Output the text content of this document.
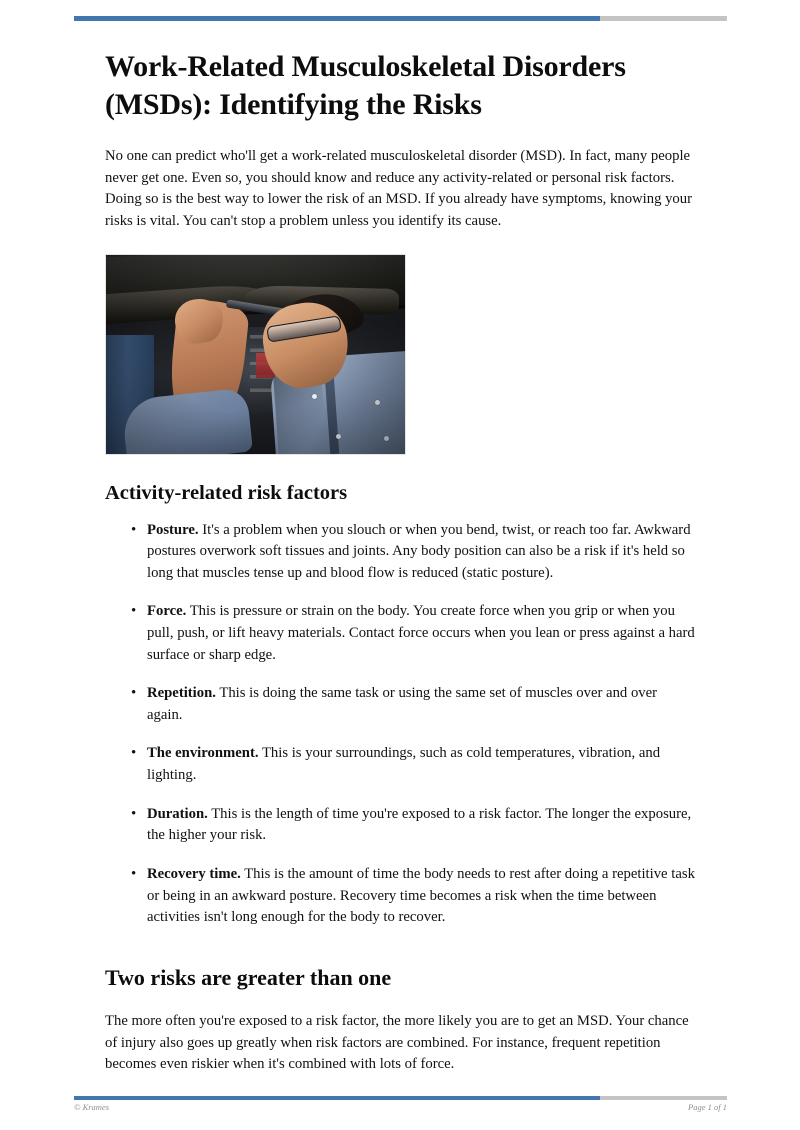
Work-Related Musculoskeletal Disorders (MSDs): Identifying the Risks

No one can predict who'll get a work-related musculoskeletal disorder (MSD). In fact, many people never get one. Even so, you should know and reduce any activity-related or personal risk factors. Doing so is the best way to lower the risk of an MSD. If you already have symptoms, knowing your risks is vital. You can't stop a problem unless you identify its cause.

Activity-related risk factors
• Posture. It's a problem when you slouch or when you bend, twist, or reach too far. Awkward postures overwork soft tissues and joints. Any body position can also be a risk if it's held so long that muscles tense up and blood flow is reduced (static posture).
• Force. This is pressure or strain on the body. You create force when you grip or when you pull, push, or lift heavy materials. Contact force occurs when you lean or press against a hard surface or sharp edge.
• Repetition. This is doing the same task or using the same set of muscles over and over again.
• The environment. This is your surroundings, such as cold temperatures, vibration, and lighting.
• Duration. This is the length of time you're exposed to a risk factor. The longer the exposure, the higher your risk.
• Recovery time. This is the amount of time the body needs to rest after doing a repetitive task or being in an awkward posture. Recovery time becomes a risk when the time between activities isn't long enough for the body to recover.
Two risks are greater than one

The more often you're exposed to a risk factor, the more likely you are to get an MSD. Your chance of injury also goes up greatly when risk factors are combined. For instance, frequent repetition becomes even riskier when it's combined with lots of force.

© Krames	Page 1 of 1
